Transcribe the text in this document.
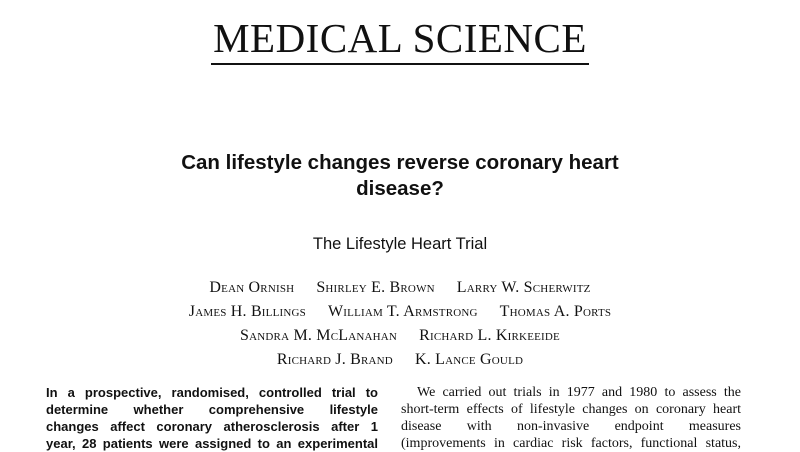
MEDICAL SCIENCE
Can lifestyle changes reverse coronary heart
disease?
The Lifestyle Heart Trial
Dean Ornish Shirley E. Brown Larry W. Scherwitz
James H. Billings William T. Armstrong Thomas A. Ports
Sandra M. McLanahan Richard L. Kirkeeide
Richard J. Brand K. Lance Gould
In a prospective, randomised, controlled trial to
determine whether comprehensive lifestyle
changes affect coronary atherosclerosis after 1
year, 28 patients were assigned to an experimental
We carried out trials in 1977 and 1980 to assess the
short-term effects of lifestyle changes on coronary heart
disease with non-invasive endpoint measures
(improvements in cardiac risk factors, functional status,
